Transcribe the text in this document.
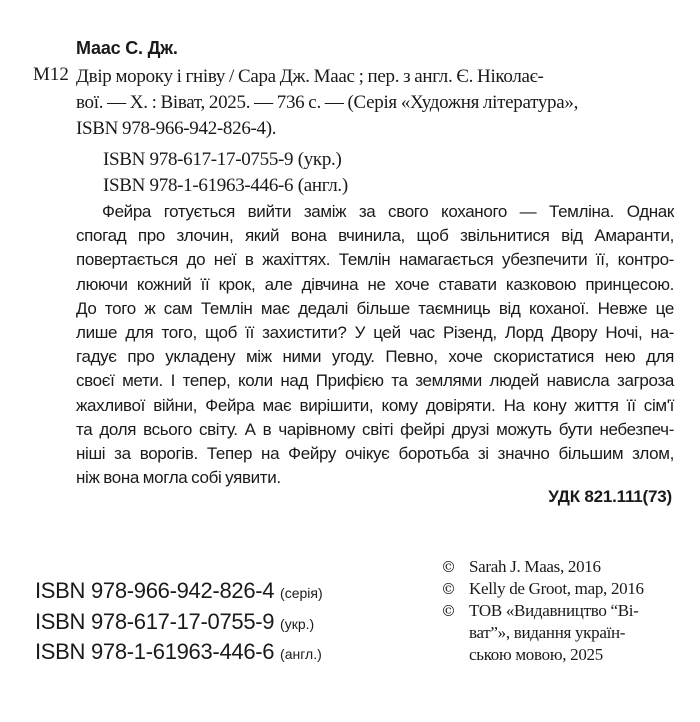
Маас С. Дж.
М12 Двір мороку і гніву / Сара Дж. Маас ; пер. з англ. Є. Ніколає-
вої. — Х. : Віват, 2025. — 736 с. — (Серія «Художня література»,
ISBN 978-966-942-826-4).
ISBN 978-617-17-0755-9 (укр.)
ISBN 978-1-61963-446-6 (англ.)
Фейра готується вийти заміж за свого коханого — Темліна. Однак
спогад про злочин, який вона вчинила, щоб звільнитися від Амаранти,
повертається до неї в жахіттях. Темлін намагається убезпечити її, контро-
люючи кожний її крок, але дівчина не хоче ставати казковою принцесою.
До того ж сам Темлін має дедалі більше таємниць від коханої. Невже це
лише для того, щоб її захистити? У цей час Різенд, Лорд Двору Ночі, на-
гадує про укладену між ними угоду. Певно, хоче скористатися нею для
своєї мети. І тепер, коли над Прифією та землями людей нависла загроза
жахливої війни, Фейра має вирішити, кому довіряти. На кону життя її сім'ї
та доля всього світу. А в чарівному світі фейрі друзі можуть бути небезпеч-
ніші за ворогів. Тепер на Фейру очікує боротьба зі значно більшим злом,
ніж вона могла собі уявити.
УДК 821.111(73)
ISBN 978-966-942-826-4 (серія)
ISBN 978-617-17-0755-9 (укр.)
ISBN 978-1-61963-446-6 (англ.)
© Sarah J. Maas, 2016
© Kelly de Groot, map, 2016
© ТОВ «Видавництво “Ві-
ват”», видання україн-
ською мовою, 2025
